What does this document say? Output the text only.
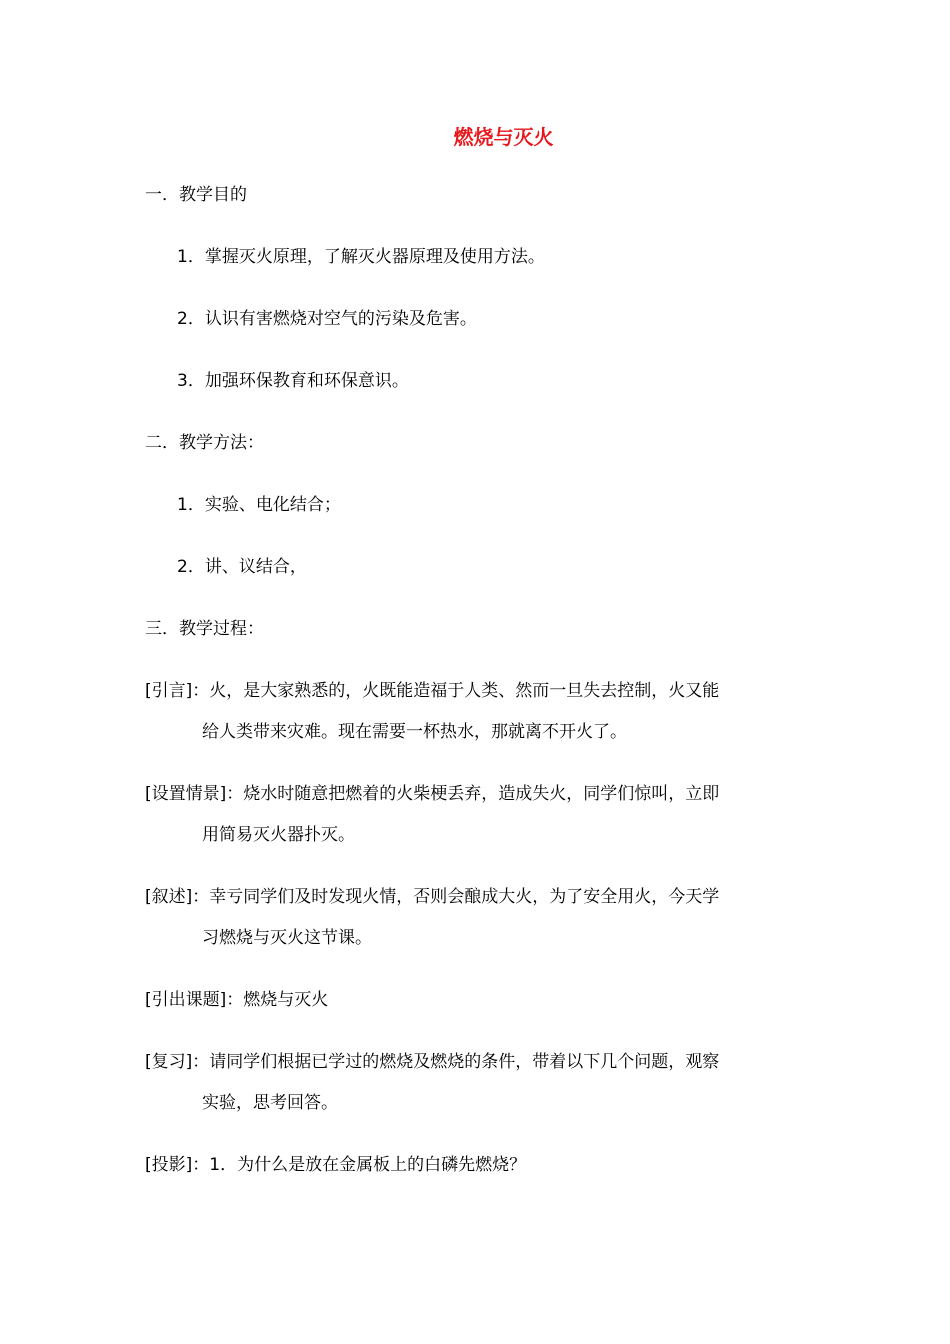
燃烧与灭火
一．教学目的
1．掌握灭火原理，了解灭火器原理及使用方法。
2．认识有害燃烧对空气的污染及危害。
3．加强环保教育和环保意识。
二．教学方法：
1．实验、电化结合；
2．讲、议结合，
三．教学过程：
[引言]：火，是大家熟悉的，火既能造福于人类、然而一旦失去控制，火又能
给人类带来灾难。现在需要一杯热水，那就离不开火了。
[设置情景]：烧水时随意把燃着的火柴梗丢弃，造成失火，同学们惊叫，立即
用简易灭火器扑灭。
[叙述]：幸亏同学们及时发现火情，否则会酿成大火，为了安全用火，今天学
习燃烧与灭火这节课。
[引出课题]：燃烧与灭火
[复习]：请同学们根据已学过的燃烧及燃烧的条件，带着以下几个问题，观察
实验，思考回答。
[投影]：1．为什么是放在金属板上的白磷先燃烧？
